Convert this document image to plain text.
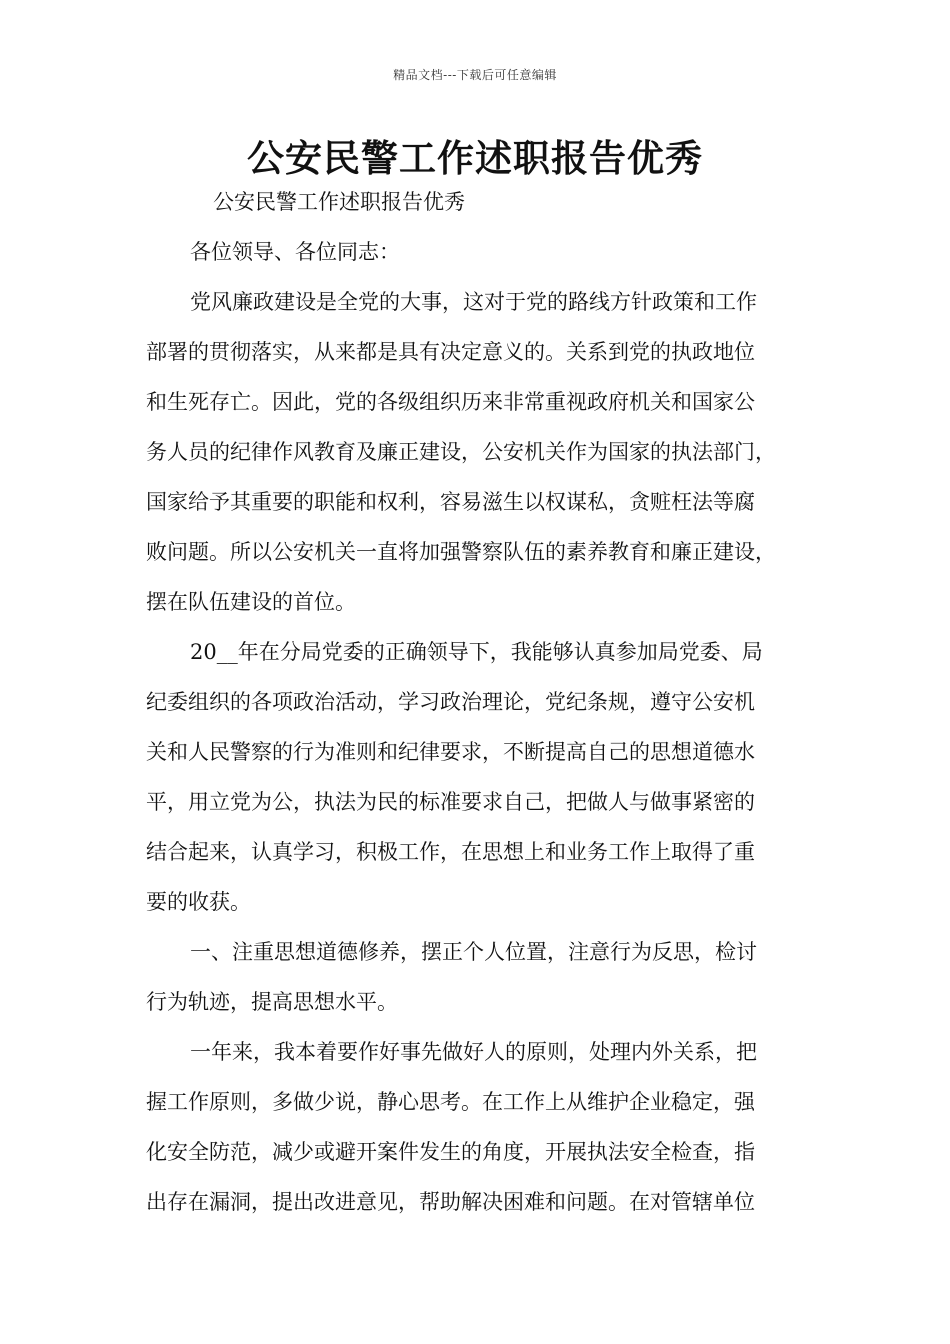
精品文档---下载后可任意编辑
公安民警工作述职报告优秀
公安民警工作述职报告优秀
各位领导、各位同志：
党风廉政建设是全党的大事，这对于党的路线方针政策和工作
部署的贯彻落实，从来都是具有决定意义的。关系到党的执政地位
和生死存亡。因此，党的各级组织历来非常重视政府机关和国家公
务人员的纪律作风教育及廉正建设，公安机关作为国家的执法部门，
国家给予其重要的职能和权利，容易滋生以权谋私，贪赃枉法等腐
败问题。所以公安机关一直将加强警察队伍的素养教育和廉正建设，
摆在队伍建设的首位。
20__年在分局党委的正确领导下，我能够认真参加局党委、局
纪委组织的各项政治活动，学习政治理论，党纪条规，遵守公安机
关和人民警察的行为准则和纪律要求，不断提高自己的思想道德水
平，用立党为公，执法为民的标准要求自己，把做人与做事紧密的
结合起来，认真学习，积极工作，在思想上和业务工作上取得了重
要的收获。
一、注重思想道德修养，摆正个人位置，注意行为反思，检讨
行为轨迹，提高思想水平。
一年来，我本着要作好事先做好人的原则，处理内外关系，把
握工作原则，多做少说，静心思考。在工作上从维护企业稳定，强
化安全防范，减少或避开案件发生的角度，开展执法安全检查，指
出存在漏洞，提出改进意见，帮助解决困难和问题。在对管辖单位
